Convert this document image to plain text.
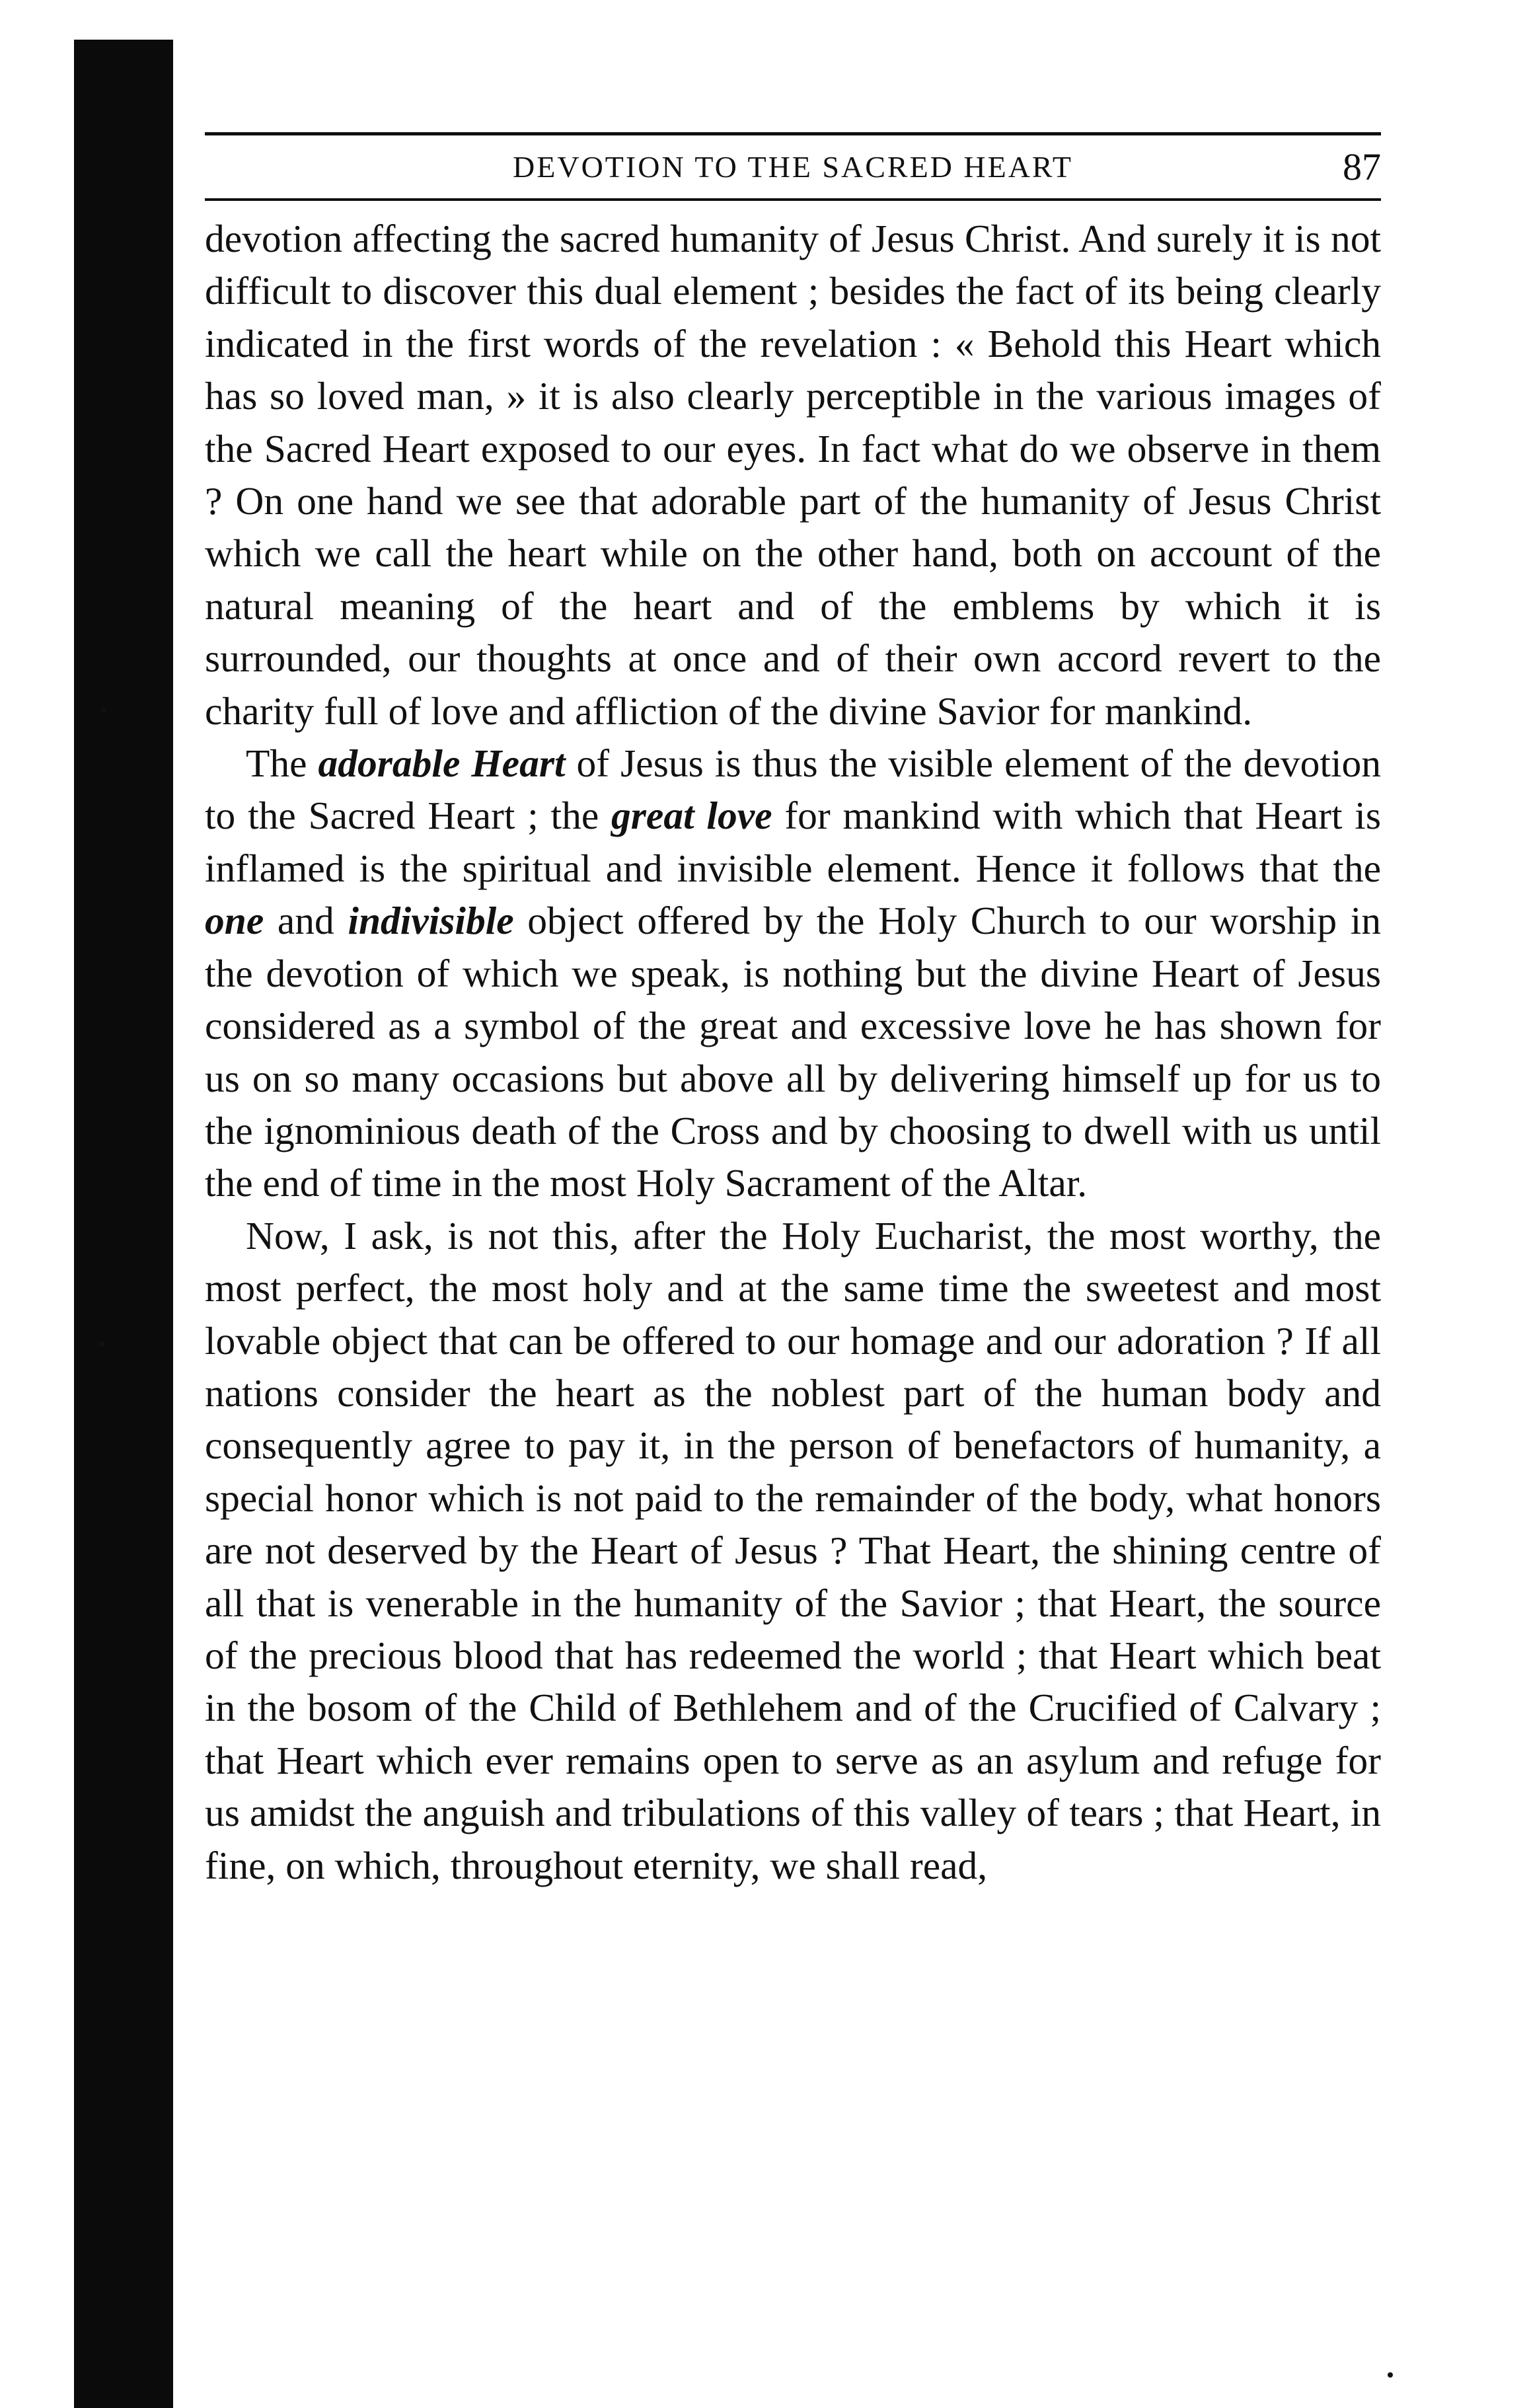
DEVOTION TO THE SACRED HEART	87

devotion affecting the sacred humanity of Jesus Christ. And surely it is not difficult to discover this dual element ; besides the fact of its being clearly indicated in the first words of the revelation : « Behold this Heart which has so loved man, » it is also clearly perceptible in the various images of the Sacred Heart exposed to our eyes. In fact what do we observe in them ? On one hand we see that adorable part of the humanity of Jesus Christ which we call the heart while on the other hand, both on account of the natural meaning of the heart and of the emblems by which it is surrounded, our thoughts at once and of their own accord revert to the charity full of love and affliction of the divine Savior for mankind.

The adorable Heart of Jesus is thus the visible element of the devotion to the Sacred Heart ; the great love for mankind with which that Heart is inflamed is the spiritual and invisible element. Hence it follows that the one and indivisible object offered by the Holy Church to our worship in the devotion of which we speak, is nothing but the divine Heart of Jesus considered as a symbol of the great and excessive love he has shown for us on so many occasions but above all by delivering himself up for us to the ignominious death of the Cross and by choosing to dwell with us until the end of time in the most Holy Sacrament of the Altar.

Now, I ask, is not this, after the Holy Eucharist, the most worthy, the most perfect, the most holy and at the same time the sweetest and most lovable object that can be offered to our homage and our adoration ? If all nations consider the heart as the noblest part of the human body and consequently agree to pay it, in the person of benefactors of humanity, a special honor which is not paid to the remainder of the body, what honors are not deserved by the Heart of Jesus ? That Heart, the shining centre of all that is venerable in the humanity of the Savior ; that Heart, the source of the precious blood that has redeemed the world ; that Heart which beat in the bosom of the Child of Bethlehem and of the Crucified of Calvary ; that Heart which ever remains open to serve as an asylum and refuge for us amidst the anguish and tribulations of this valley of tears ; that Heart, in fine, on which, throughout eternity, we shall read,
